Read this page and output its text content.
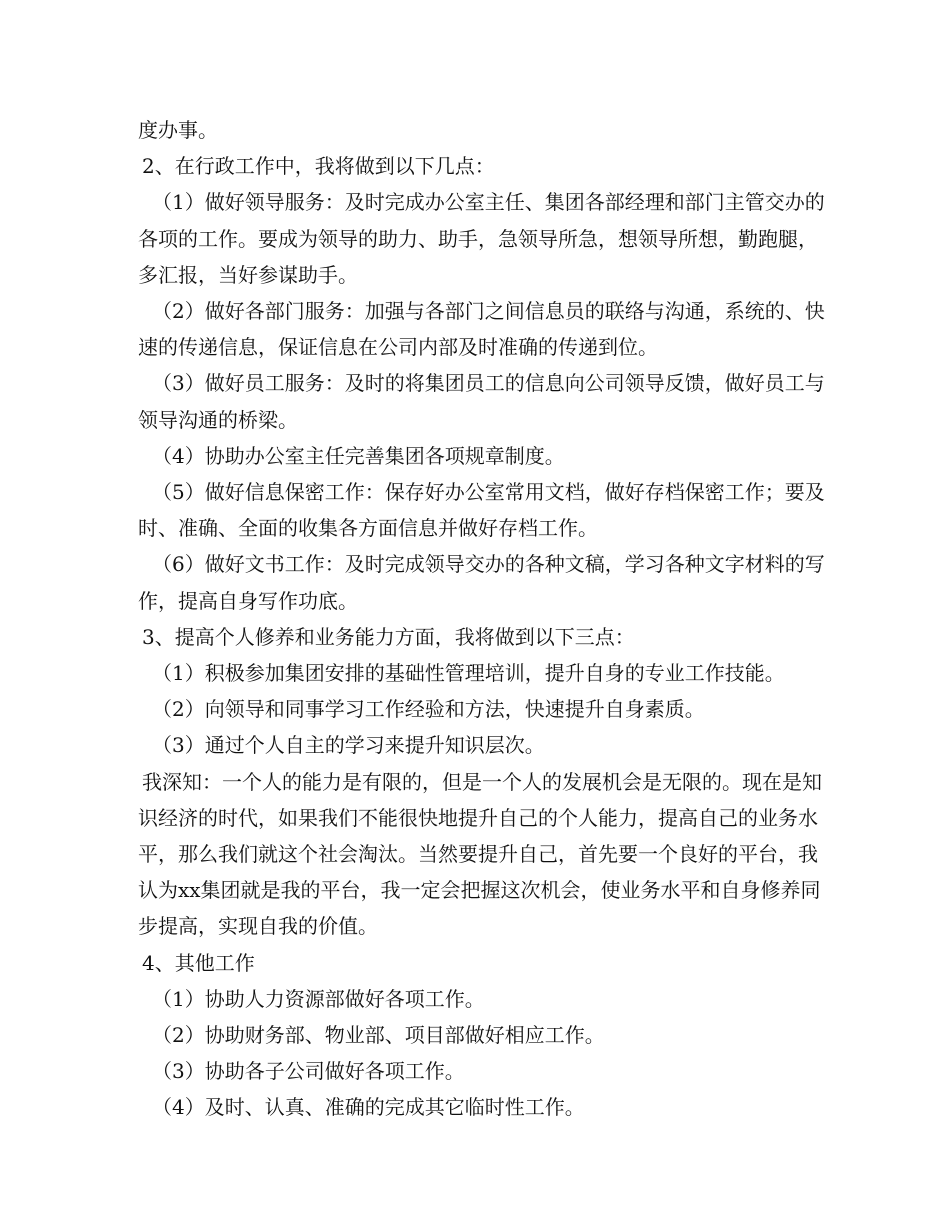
度办事。

2、在行政工作中，我将做到以下几点：

（1）做好领导服务：及时完成办公室主任、集团各部经理和部门主管交办的各项的工作。要成为领导的助力、助手，急领导所急，想领导所想，勤跑腿，多汇报，当好参谋助手。

（2）做好各部门服务：加强与各部门之间信息员的联络与沟通，系统的、快速的传递信息，保证信息在公司内部及时准确的传递到位。

（3）做好员工服务：及时的将集团员工的信息向公司领导反馈，做好员工与领导沟通的桥梁。

（4）协助办公室主任完善集团各项规章制度。

（5）做好信息保密工作：保存好办公室常用文档，做好存档保密工作；要及时、准确、全面的收集各方面信息并做好存档工作。

（6）做好文书工作：及时完成领导交办的各种文稿，学习各种文字材料的写作，提高自身写作功底。

3、提高个人修养和业务能力方面，我将做到以下三点：

（1）积极参加集团安排的基础性管理培训，提升自身的专业工作技能。

（2）向领导和同事学习工作经验和方法，快速提升自身素质。

（3）通过个人自主的学习来提升知识层次。

我深知：一个人的能力是有限的，但是一个人的发展机会是无限的。现在是知识经济的时代，如果我们不能很快地提升自己的个人能力，提高自己的业务水平，那么我们就这个社会淘汰。当然要提升自己，首先要一个良好的平台，我认为xx集团就是我的平台，我一定会把握这次机会，使业务水平和自身修养同步提高，实现自我的价值。

4、其他工作

（1）协助人力资源部做好各项工作。

（2）协助财务部、物业部、项目部做好相应工作。

（3）协助各子公司做好各项工作。

（4）及时、认真、准确的完成其它临时性工作。
